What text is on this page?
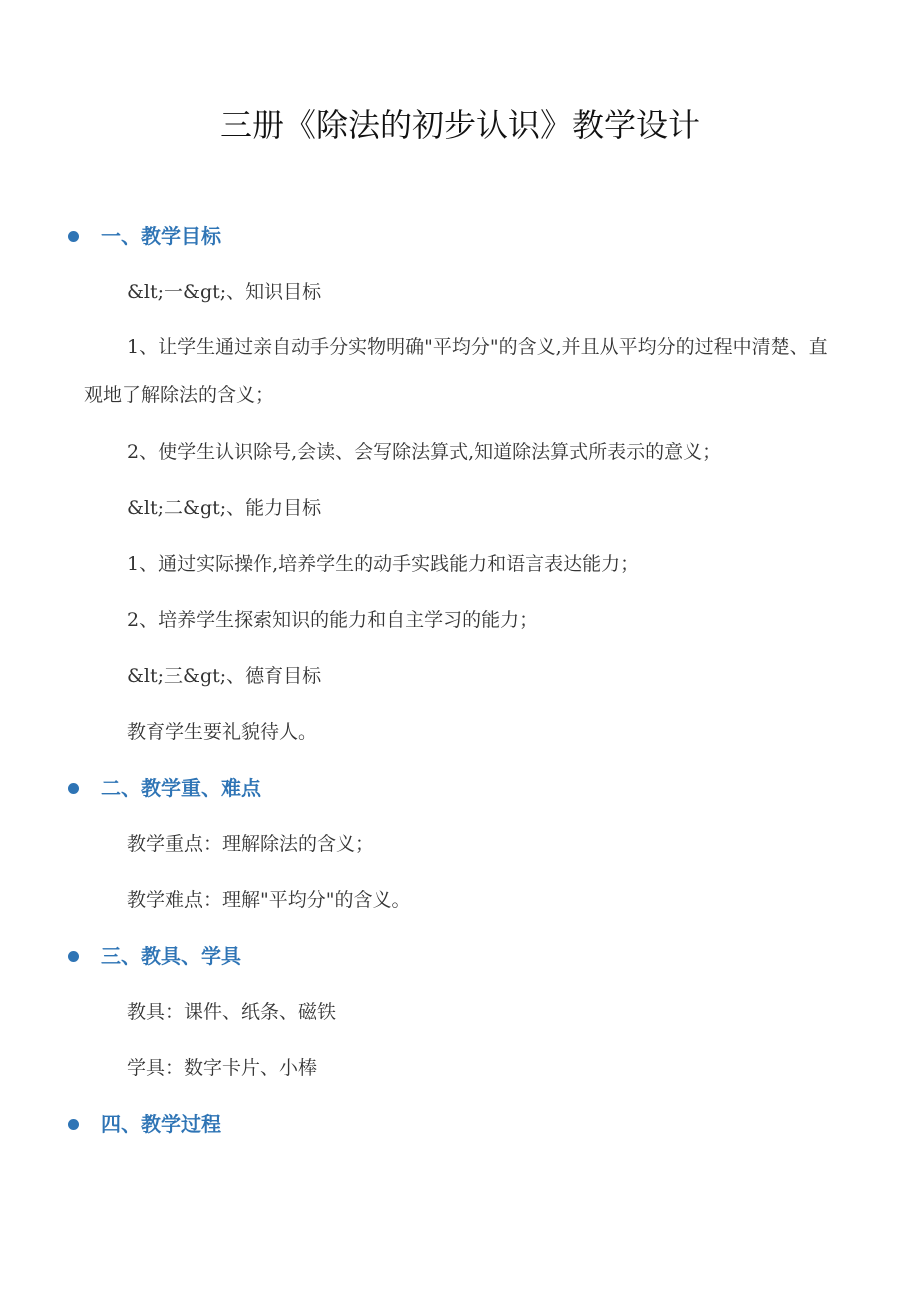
三册《除法的初步认识》教学设计
一、教学目标
&lt;一&gt;、知识目标
1、让学生通过亲自动手分实物明确"平均分"的含义,并且从平均分的过程中清楚、直观地了解除法的含义；
2、使学生认识除号,会读、会写除法算式,知道除法算式所表示的意义；
&lt;二&gt;、能力目标
1、通过实际操作,培养学生的动手实践能力和语言表达能力；
2、培养学生探索知识的能力和自主学习的能力；
&lt;三&gt;、德育目标
教育学生要礼貌待人。
二、教学重、难点
教学重点：理解除法的含义；
教学难点：理解"平均分"的含义。
三、教具、学具
教具：课件、纸条、磁铁
学具：数字卡片、小棒
四、教学过程
